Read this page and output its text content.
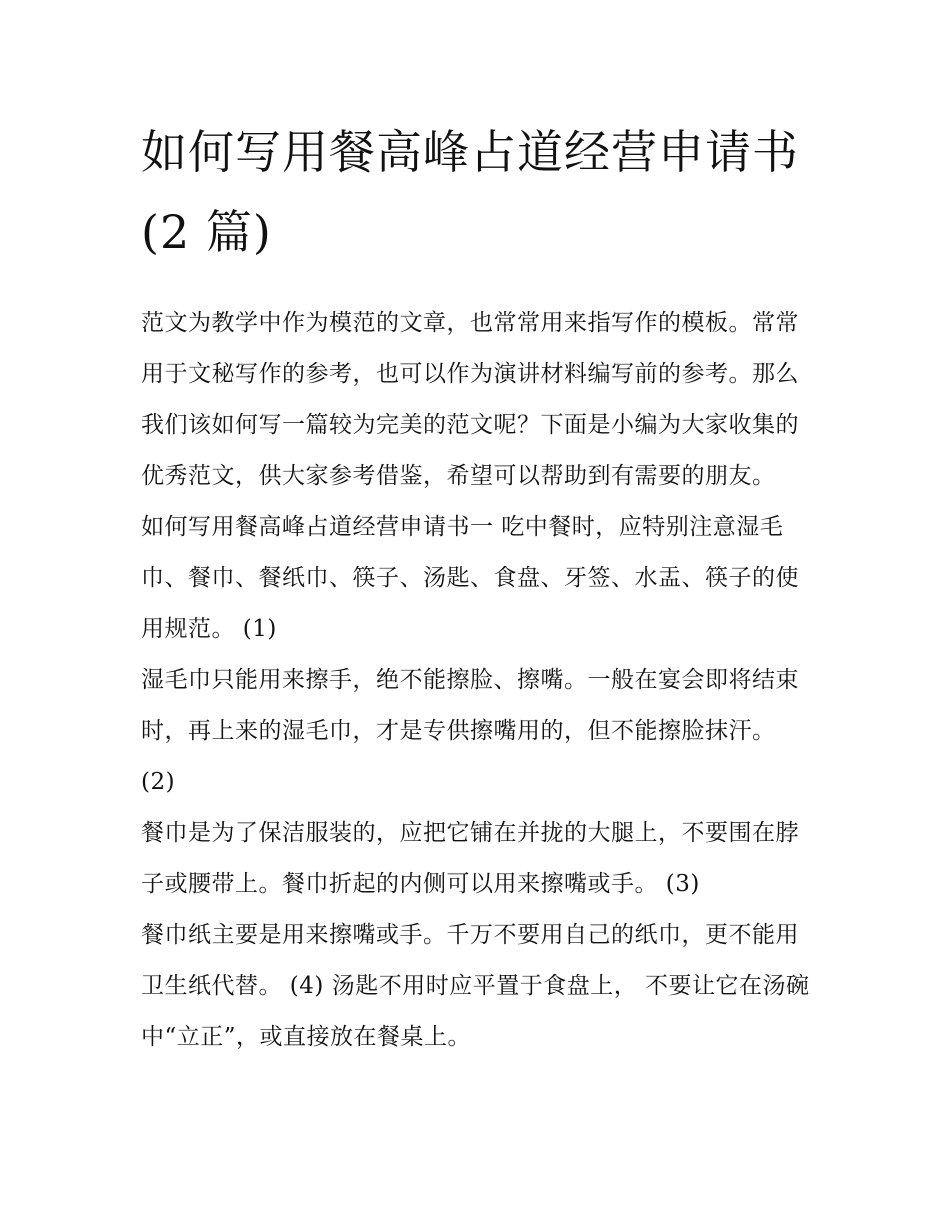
如何写用餐高峰占道经营申请书(2 篇)

范文为教学中作为模范的文章，也常常用来指写作的模板。常常用于文秘写作的参考，也可以作为演讲材料编写前的参考。那么我们该如何写一篇较为完美的范文呢？下面是小编为大家收集的优秀范文，供大家参考借鉴，希望可以帮助到有需要的朋友。

如何写用餐高峰占道经营申请书一 吃中餐时，应特别注意湿毛巾、餐巾、餐纸巾、筷子、汤匙、食盘、牙签、水盂、筷子的使用规范。 (1)

湿毛巾只能用来擦手，绝不能擦脸、擦嘴。一般在宴会即将结束时，再上来的湿毛巾，才是专供擦嘴用的，但不能擦脸抹汗。 (2)

餐巾是为了保洁服装的，应把它铺在并拢的大腿上，不要围在脖子或腰带上。餐巾折起的内侧可以用来擦嘴或手。 (3)

餐巾纸主要是用来擦嘴或手。千万不要用自己的纸巾，更不能用卫生纸代替。 (4) 汤匙不用时应平置于食盘上， 不要让它在汤碗中“立正”，或直接放在餐桌上。
